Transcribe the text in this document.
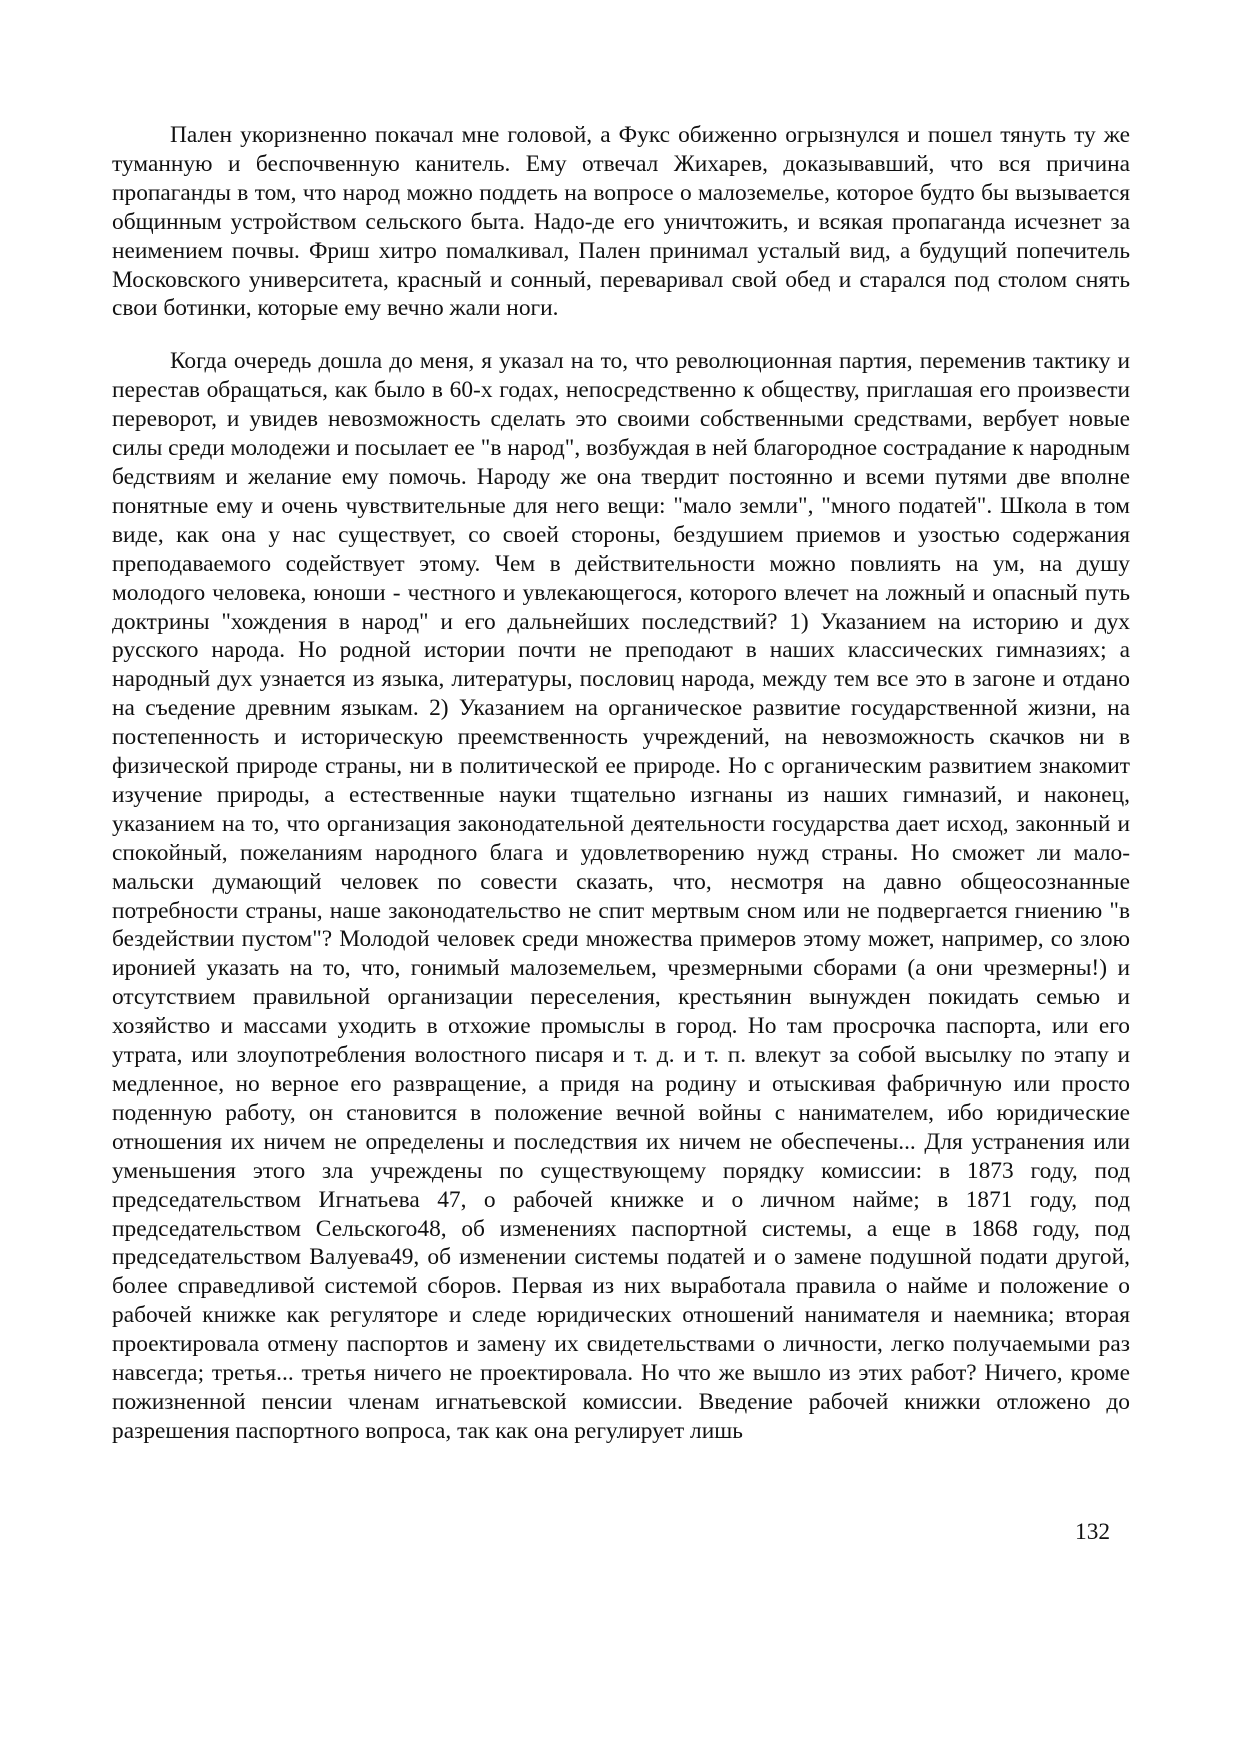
Пален укоризненно покачал мне головой, а Фукс обиженно огрызнулся и пошел тянуть ту же туманную и беспочвенную канитель. Ему отвечал Жихарев, доказывавший, что вся причина пропаганды в том, что народ можно поддеть на вопросе о малоземелье, которое будто бы вызывается общинным устройством сельского быта. Надо-де его уничтожить, и всякая пропаганда исчезнет за неимением почвы. Фриш хитро помалкивал, Пален принимал усталый вид, а будущий попечитель Московского университета, красный и сонный, переваривал свой обед и старался под столом снять свои ботинки, которые ему вечно жали ноги.

Когда очередь дошла до меня, я указал на то, что революционная партия, переменив тактику и перестав обращаться, как было в 60-х годах, непосредственно к обществу, приглашая его произвести переворот, и увидев невозможность сделать это своими собственными средствами, вербует новые силы среди молодежи и посылает ее "в народ", возбуждая в ней благородное сострадание к народным бедствиям и желание ему помочь. Народу же она твердит постоянно и всеми путями две вполне понятные ему и очень чувствительные для него вещи: "мало земли", "много податей". Школа в том виде, как она у нас существует, со своей стороны, бездушием приемов и узостью содержания преподаваемого содействует этому. Чем в действительности можно повлиять на ум, на душу молодого человека, юноши - честного и увлекающегося, которого влечет на ложный и опасный путь доктрины "хождения в народ" и его дальнейших последствий? 1) Указанием на историю и дух русского народа. Но родной истории почти не преподают в наших классических гимназиях; а народный дух узнается из языка, литературы, пословиц народа, между тем все это в загоне и отдано на съедение древним языкам. 2) Указанием на органическое развитие государственной жизни, на постепенность и историческую преемственность учреждений, на невозможность скачков ни в физической природе страны, ни в политической ее природе. Но с органическим развитием знакомит изучение природы, а естественные науки тщательно изгнаны из наших гимназий, и наконец, указанием на то, что организация законодательной деятельности государства дает исход, законный и спокойный, пожеланиям народного блага и удовлетворению нужд страны. Но сможет ли мало-мальски думающий человек по совести сказать, что, несмотря на давно общеосознанные потребности страны, наше законодательство не спит мертвым сном или не подвергается гниению "в бездействии пустом"? Молодой человек среди множества примеров этому может, например, со злою иронией указать на то, что, гонимый малоземельем, чрезмерными сборами (а они чрезмерны!) и отсутствием правильной организации переселения, крестьянин вынужден покидать семью и хозяйство и массами уходить в отхожие промыслы в город. Но там просрочка паспорта, или его утрата, или злоупотребления волостного писаря и т. д. и т. п. влекут за собой высылку по этапу и медленное, но верное его развращение, а придя на родину и отыскивая фабричную или просто поденную работу, он становится в положение вечной войны с нанимателем, ибо юридические отношения их ничем не определены и последствия их ничем не обеспечены... Для устранения или уменьшения этого зла учреждены по существующему порядку комиссии: в 1873 году, под председательством Игнатьева 47, о рабочей книжке и о личном найме; в 1871 году, под председательством Сельского48, об изменениях паспортной системы, а еще в 1868 году, под председательством Валуева49, об изменении системы податей и о замене подушной подати другой, более справедливой системой сборов. Первая из них выработала правила о найме и положение о рабочей книжке как регуляторе и следе юридических отношений нанимателя и наемника; вторая проектировала отмену паспортов и замену их свидетельствами о личности, легко получаемыми раз навсегда; третья... третья ничего не проектировала. Но что же вышло из этих работ? Ничего, кроме пожизненной пенсии членам игнатьевской комиссии. Введение рабочей книжки отложено до разрешения паспортного вопроса, так как она регулирует лишь

132
